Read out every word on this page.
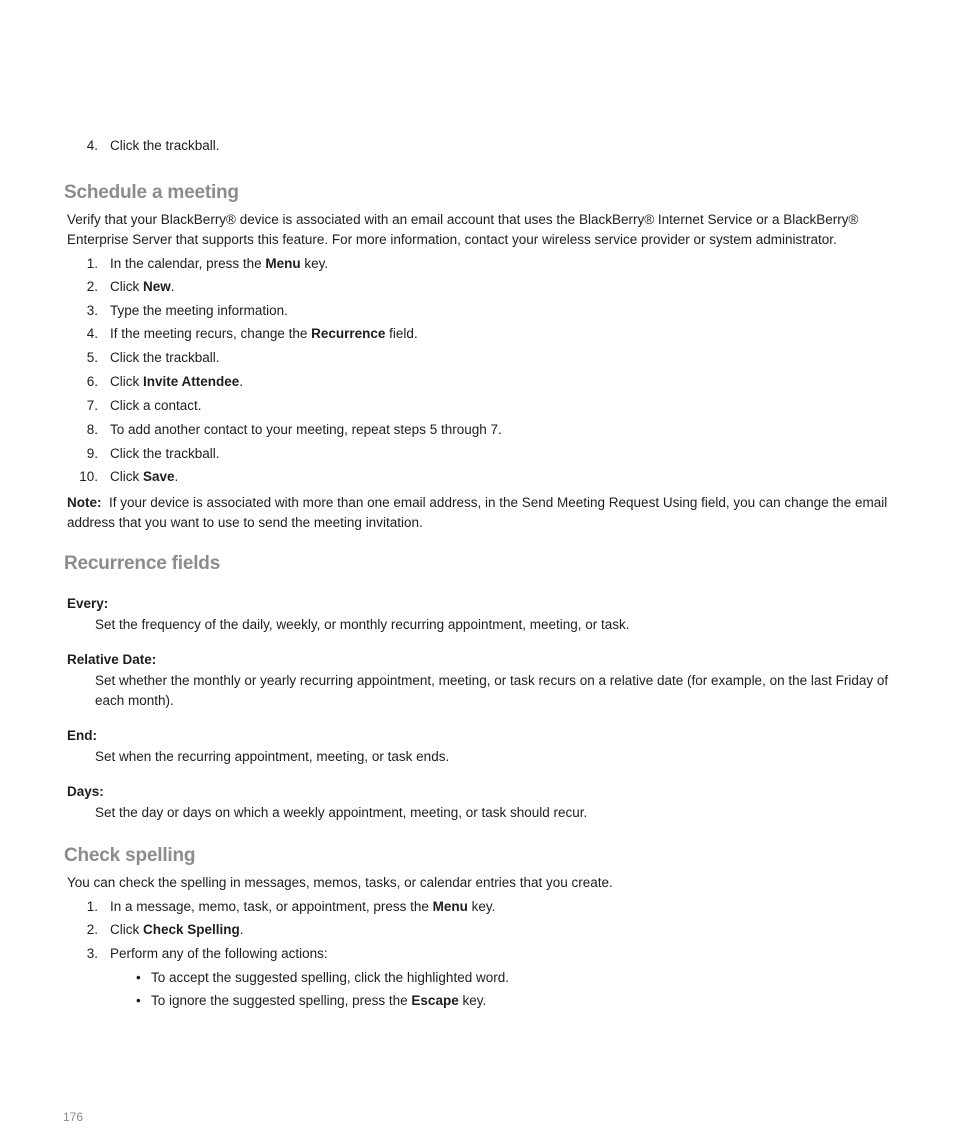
4. Click the trackball.
Schedule a meeting

Verify that your BlackBerry® device is associated with an email account that uses the BlackBerry® Internet Service or a BlackBerry® Enterprise Server that supports this feature. For more information, contact your wireless service provider or system administrator.

1. In the calendar, press the Menu key.
2. Click New.
3. Type the meeting information.
4. If the meeting recurs, change the Recurrence field.
5. Click the trackball.
6. Click Invite Attendee.
7. Click a contact.
8. To add another contact to your meeting, repeat steps 5 through 7.
9. Click the trackball.
10. Click Save.

Note: If your device is associated with more than one email address, in the Send Meeting Request Using field, you can change the email address that you want to use to send the meeting invitation.

Recurrence fields
Every:

Set the frequency of the daily, weekly, or monthly recurring appointment, meeting, or task.

Relative Date:

Set whether the monthly or yearly recurring appointment, meeting, or task recurs on a relative date (for example, on the last Friday of each month).

End:

Set when the recurring appointment, meeting, or task ends.

Days:

Set the day or days on which a weekly appointment, meeting, or task should recur.

Check spelling

You can check the spelling in messages, memos, tasks, or calendar entries that you create.

1. In a message, memo, task, or appointment, press the Menu key.
2. Click Check Spelling.
3. Perform any of the following actions:
• To accept the suggested spelling, click the highlighted word.
• To ignore the suggested spelling, press the Escape key.
176
